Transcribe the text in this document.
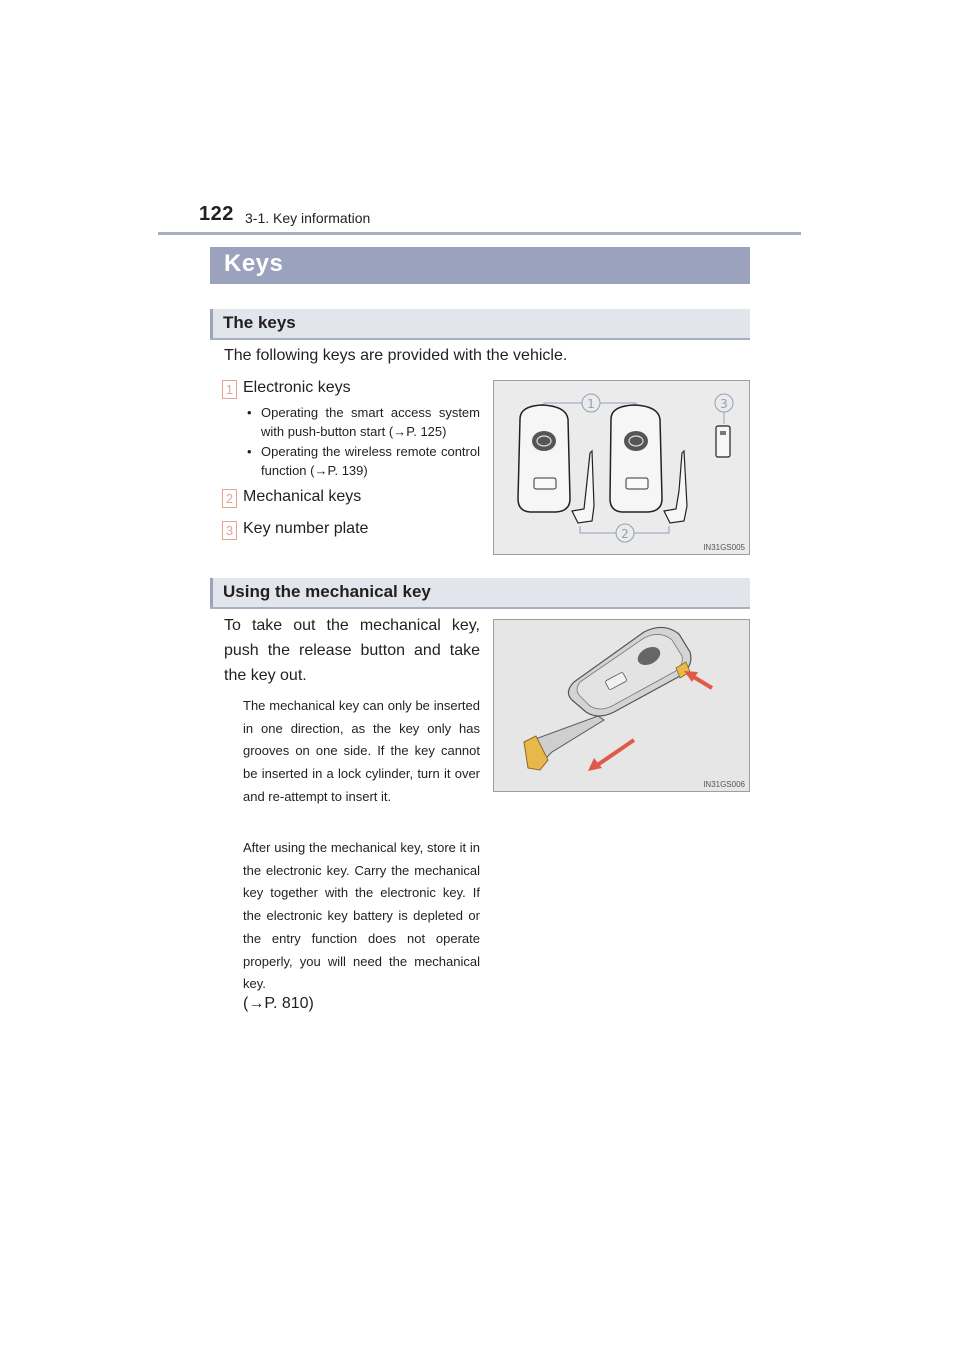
122 3-1. Key information
Keys
The keys
The following keys are provided with the vehicle.
1 Electronic keys
• Operating the smart access system with push-button start (→P. 125)
• Operating the wireless remote control function (→P. 139)
2 Mechanical keys
3 Key number plate
1
2
3
IN31GS005
Using the mechanical key
To take out the mechanical key, push the release button and take the key out.
IN31GS006
The mechanical key can only be inserted in one direction, as the key only has grooves on one side. If the key cannot be inserted in a lock cylinder, turn it over and re-attempt to insert it.
After using the mechanical key, store it in the electronic key. Carry the mechanical key together with the electronic key. If the electronic key battery is depleted or the entry function does not operate properly, you will need the mechanical key.
(→P. 810)
